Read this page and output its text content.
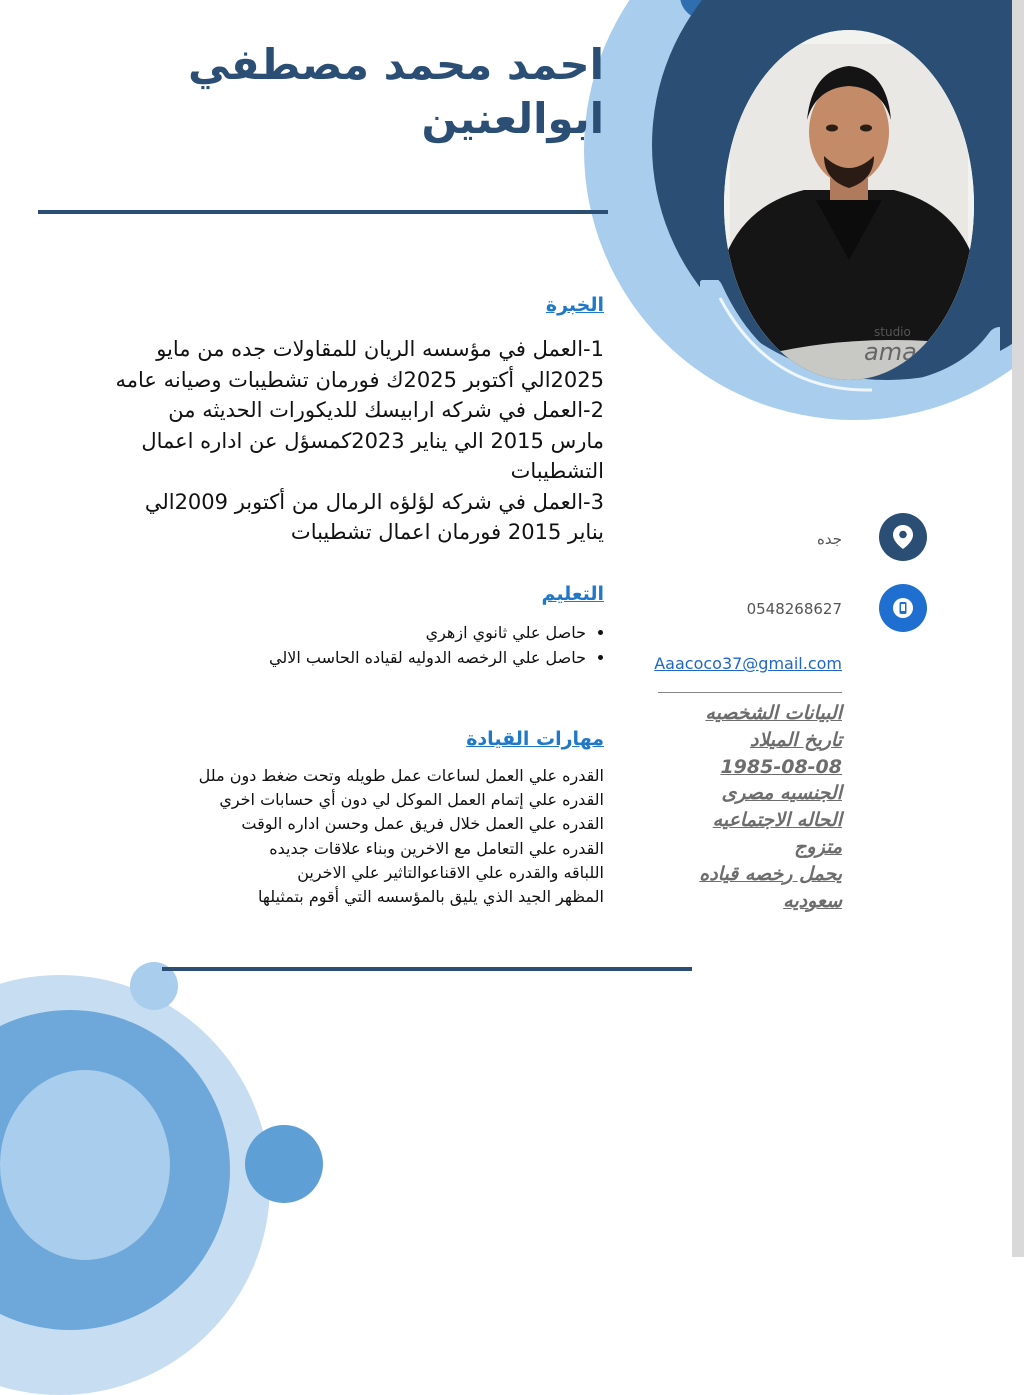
احمد محمد مصطفي
ابوالعنين
studio
ama
الخبرة
1-العمل في مؤسسه الريان للمقاولات جده من مايو
2025الي أكتوبر 2025ك فورمان تشطيبات وصيانه عامه
2-العمل في شركه ارابيسك للديكورات الحديثه من
مارس 2015 الي يناير 2023كمسؤل عن اداره اعمال
التشطيبات
3-العمل في شركه لؤلؤه الرمال من أكتوبر 2009الي
يناير 2015 فورمان اعمال تشطيبات
التعليم
• حاصل علي ثانوي ازهري
• حاصل علي الرخصه الدوليه لقياده الحاسب الالي
مهارات القيادة
القدره علي العمل لساعات عمل طويله وتحت ضغط دون ملل
القدره علي إتمام العمل الموكل لي دون أي حسابات اخري
القدره علي العمل خلال فريق عمل وحسن اداره الوقت
القدره علي التعامل مع الاخرين وبناء علاقات جديده
اللباقه والقدره علي الاقناعوالتاثير علي الاخرين
المظهر الجيد الذي يليق بالمؤسسه التي أقوم بتمثيلها
جده
0548268627
Aaacoco37@gmail.com
البيانات الشخصيه
تاريخ الميلاد
1985-08-08
الجنسيه مصرى
الحاله الاجتماعيه
متزوج
يحمل رخصه قياده
سعوديه
